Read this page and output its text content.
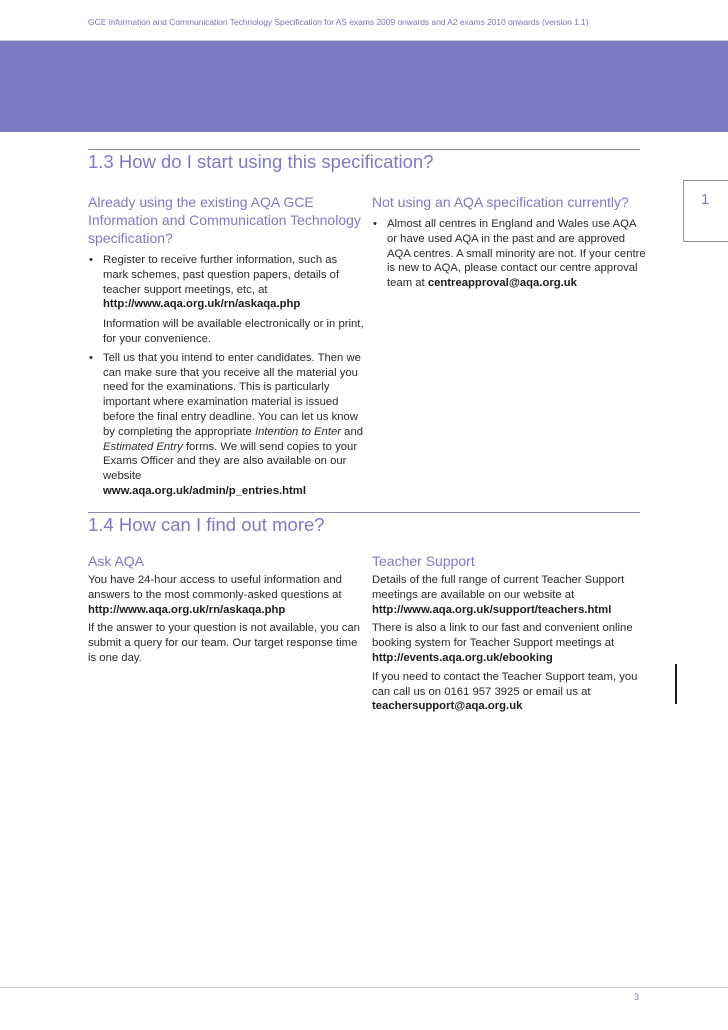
GCE Information and Communication Technology Specification for AS exams 2009 onwards and A2 exams 2010 onwards (version 1.1)
1
1.3 How do I start using this specification?
Already using the existing AQA GCE Information and Communication Technology specification?

• Register to receive further information, such as mark schemes, past question papers, details of teacher support meetings, etc, at
http://www.aqa.org.uk/rn/askaqa.php

Information will be available electronically or in print, for your convenience.

• Tell us that you intend to enter candidates. Then we can make sure that you receive all the material you need for the examinations. This is particularly important where examination material is issued before the final entry deadline. You can let us know by completing the appropriate Intention to Enter and Estimated Entry forms. We will send copies to your Exams Officer and they are also available on our website
www.aqa.org.uk/admin/p_entries.html

Not using an AQA specification currently?

• Almost all centres in England and Wales use AQA or have used AQA in the past and are approved AQA centres. A small minority are not. If your centre is new to AQA, please contact our centre approval team at centreapproval@aqa.org.uk

1.4 How can I find out more?
Ask AQA

You have 24-hour access to useful information and answers to the most commonly-asked questions at
http://www.aqa.org.uk/rn/askaqa.php

If the answer to your question is not available, you can submit a query for our team. Our target response time is one day.

Teacher Support

Details of the full range of current Teacher Support meetings are available on our website at
http://www.aqa.org.uk/support/teachers.html

There is also a link to our fast and convenient online booking system for Teacher Support meetings at
http://events.aqa.org.uk/ebooking

If you need to contact the Teacher Support team, you can call us on 0161 957 3925 or email us at
teachersupport@aqa.org.uk

3
